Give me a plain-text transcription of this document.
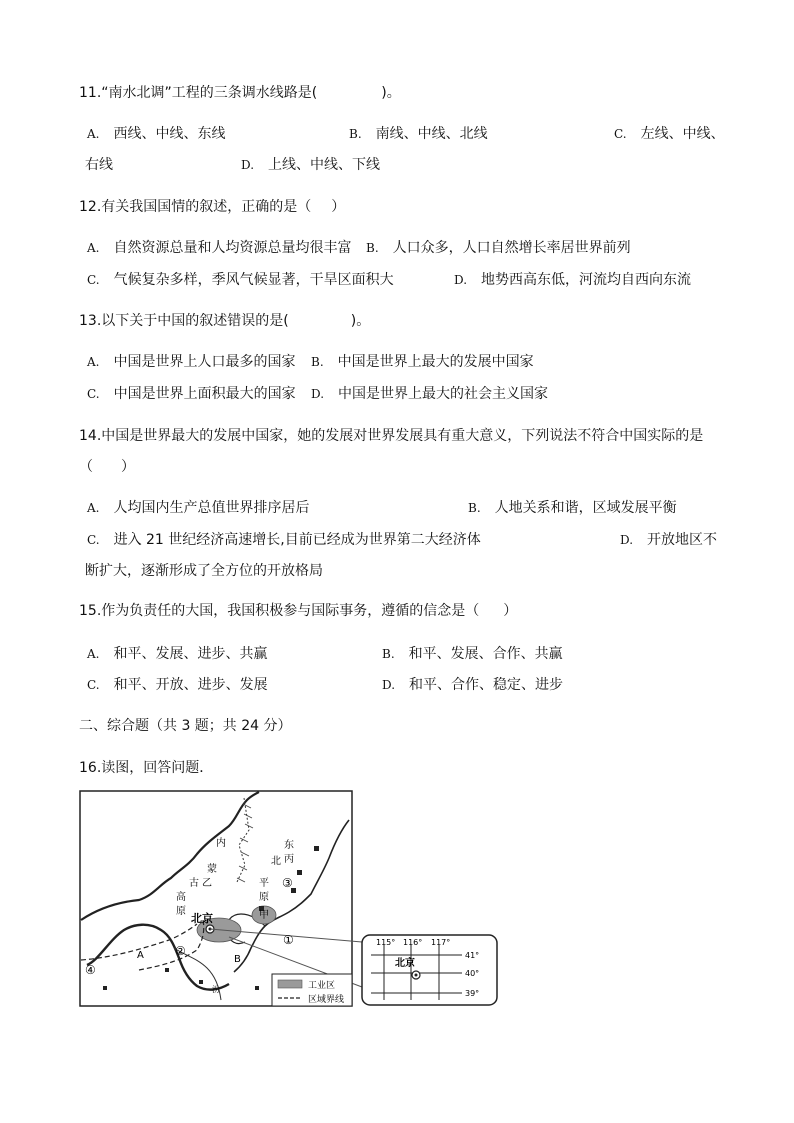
11.“南水北调”工程的三条调水线路是(	)。
A. 西线、中线、东线	B. 南线、中线、北线	C. 左线、中线、
右线	D. 上线、中线、下线
12.有关我国国情的叙述，正确的是（ ）
A. 自然资源总量和人均资源总量均很丰富 B. 人口众多，人口自然增长率居世界前列
C. 气候复杂多样，季风气候显著，干旱区面积大	D. 地势西高东低，河流均自西向东流
13.以下关于中国的叙述错误的是(	)。
A. 中国是世界上人口最多的国家 B. 中国是世界上最大的发展中国家
C. 中国是世界上面积最大的国家 D. 中国是世界上最大的社会主义国家
14.中国是世界最大的发展中国家，她的发展对世界发展具有重大意义，下列说法不符合中国实际的是
（　　）
A. 人均国内生产总值世界排序居后	B. 人地关系和谐，区域发展平衡
C. 进入 21 世纪经济高速增长,目前已经成为世界第二大经济体	D. 开放地区不
断扩大，逐渐形成了全方位的开放格局
15.作为负责任的大国，我国积极参与国际事务，遵循的信念是（ ）
A. 和平、发展、进步、共赢	B. 和平、发展、合作、共赢
C. 和平、开放、进步、发展	D. 和平、合作、稳定、进步
二、综合题（共 3 题；共 24 分）
16.读图，回答问题．
内
蒙
古 乙
高
原
东
北 丙
平
原
北京	甲
A	B
汾
①
②
③
④
工业区
区域界线
115° 116° 117°
41°
40°
39°
北京
